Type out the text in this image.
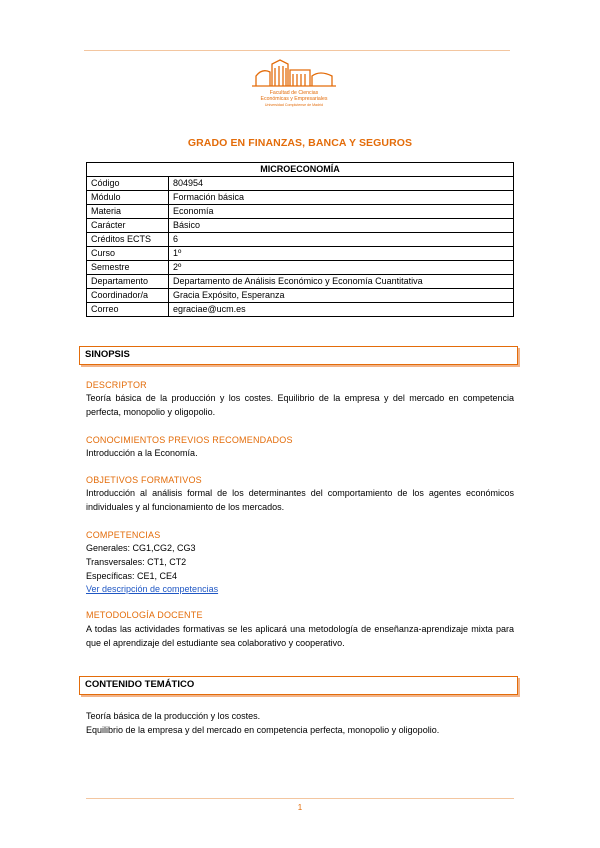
Facultad de Ciencias
Económicas y Empresariales
Universidad Complutense de Madrid
GRADO EN FINANZAS, BANCA Y SEGUROS
MICROECONOMÍA	
Código	804954
Módulo	Formación básica
Materia	Economía
Carácter	Básico
Créditos ECTS	6
Curso	1º
Semestre	2º
Departamento	Departamento de Análisis Económico y Economía Cuantitativa
Coordinador/a	Gracia Expósito, Esperanza
Correo	egraciae@ucm.es
SINOPSIS
DESCRIPTOR
Teoría básica de la producción y los costes. Equilibrio de la empresa y del mercado en competencia perfecta, monopolio y oligopolio.
CONOCIMIENTOS PREVIOS RECOMENDADOS
Introducción a la Economía.
OBJETIVOS FORMATIVOS
Introducción al análisis formal de los determinantes del comportamiento de los agentes económicos individuales y al funcionamiento de los mercados.
COMPETENCIAS
Generales: CG1,CG2, CG3
Transversales: CT1, CT2
Específicas: CE1, CE4
Ver descripción de competencias
METODOLOGÍA DOCENTE
A todas las actividades formativas se les aplicará una metodología de enseñanza-aprendizaje mixta para que el aprendizaje del estudiante sea colaborativo y cooperativo.
CONTENIDO TEMÁTICO
Teoría básica de la producción y los costes.
Equilibrio de la empresa y del mercado en competencia perfecta, monopolio y oligopolio.
1
